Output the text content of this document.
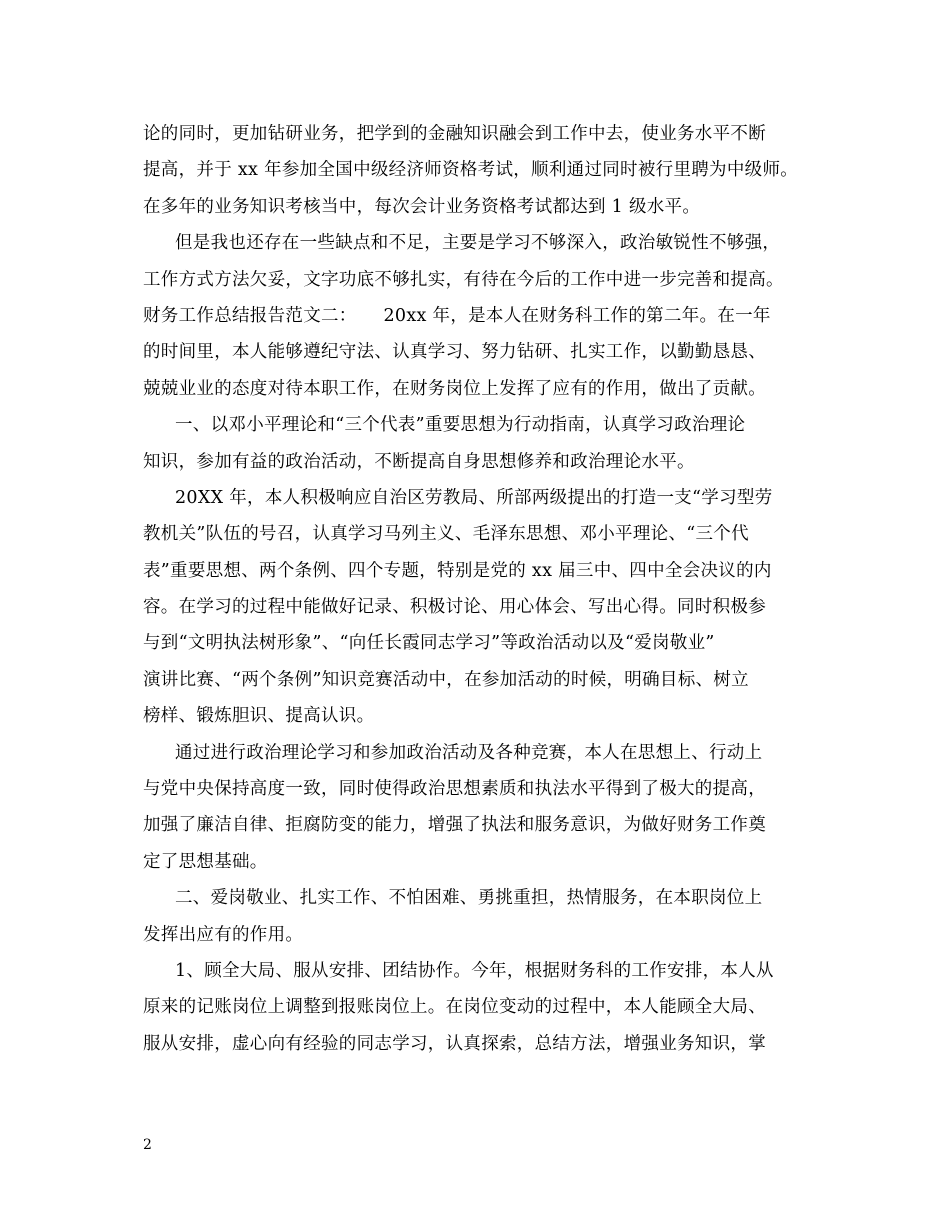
论的同时，更加钻研业务，把学到的金融知识融会到工作中去，使业务水平不断
提高，并于 xx 年参加全国中级经济师资格考试，顺利通过同时被行里聘为中级师。
在多年的业务知识考核当中，每次会计业务资格考试都达到 1 级水平。
但是我也还存在一些缺点和不足，主要是学习不够深入，政治敏锐性不够强，
工作方式方法欠妥，文字功底不够扎实，有待在今后的工作中进一步完善和提高。
财务工作总结报告范文二：　　20xx 年，是本人在财务科工作的第二年。在一年
的时间里，本人能够遵纪守法、认真学习、努力钻研、扎实工作，以勤勤恳恳、
兢兢业业的态度对待本职工作，在财务岗位上发挥了应有的作用，做出了贡献。
一、以邓小平理论和“三个代表”重要思想为行动指南，认真学习政治理论
知识，参加有益的政治活动，不断提高自身思想修养和政治理论水平。
20XX 年，本人积极响应自治区劳教局、所部两级提出的打造一支“学习型劳
教机关”队伍的号召，认真学习马列主义、毛泽东思想、邓小平理论、“三个代
表”重要思想、两个条例、四个专题，特别是党的 xx 届三中、四中全会决议的内
容。在学习的过程中能做好记录、积极讨论、用心体会、写出心得。同时积极参
与到“文明执法树形象”、“向任长霞同志学习”等政治活动以及“爱岗敬业”
演讲比赛、“两个条例”知识竞赛活动中，在参加活动的时候，明确目标、树立
榜样、锻炼胆识、提高认识。
通过进行政治理论学习和参加政治活动及各种竞赛，本人在思想上、行动上
与党中央保持高度一致，同时使得政治思想素质和执法水平得到了极大的提高，
加强了廉洁自律、拒腐防变的能力，增强了执法和服务意识，为做好财务工作奠
定了思想基础。
二、爱岗敬业、扎实工作、不怕困难、勇挑重担，热情服务，在本职岗位上
发挥出应有的作用。
1、顾全大局、服从安排、团结协作。今年，根据财务科的工作安排，本人从
原来的记账岗位上调整到报账岗位上。在岗位变动的过程中，本人能顾全大局、
服从安排，虚心向有经验的同志学习，认真探索，总结方法，增强业务知识，掌
2
